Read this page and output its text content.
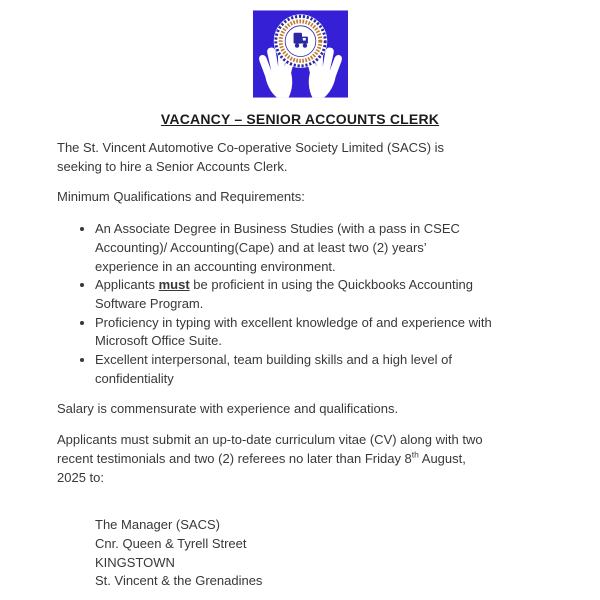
VACANCY – SENIOR ACCOUNTS CLERK

The St. Vincent Automotive Co-operative Society Limited (SACS) is
seeking to hire a Senior Accounts Clerk.

Minimum Qualifications and Requirements:

• An Associate Degree in Business Studies (with a pass in CSEC
Accounting)/ Accounting(Cape) and at least two (2) years’
experience in an accounting environment.
• Applicants must be proficient in using the Quickbooks Accounting
Software Program.
• Proficiency in typing with excellent knowledge of and experience with
Microsoft Office Suite.
• Excellent interpersonal, team building skills and a high level of
confidentiality

Salary is commensurate with experience and qualifications.

Applicants must submit an up-to-date curriculum vitae (CV) along with two
recent testimonials and two (2) referees no later than Friday 8th August,
2025 to:

The Manager (SACS)
Cnr. Queen & Tyrell Street
KINGSTOWN
St. Vincent & the Grenadines
